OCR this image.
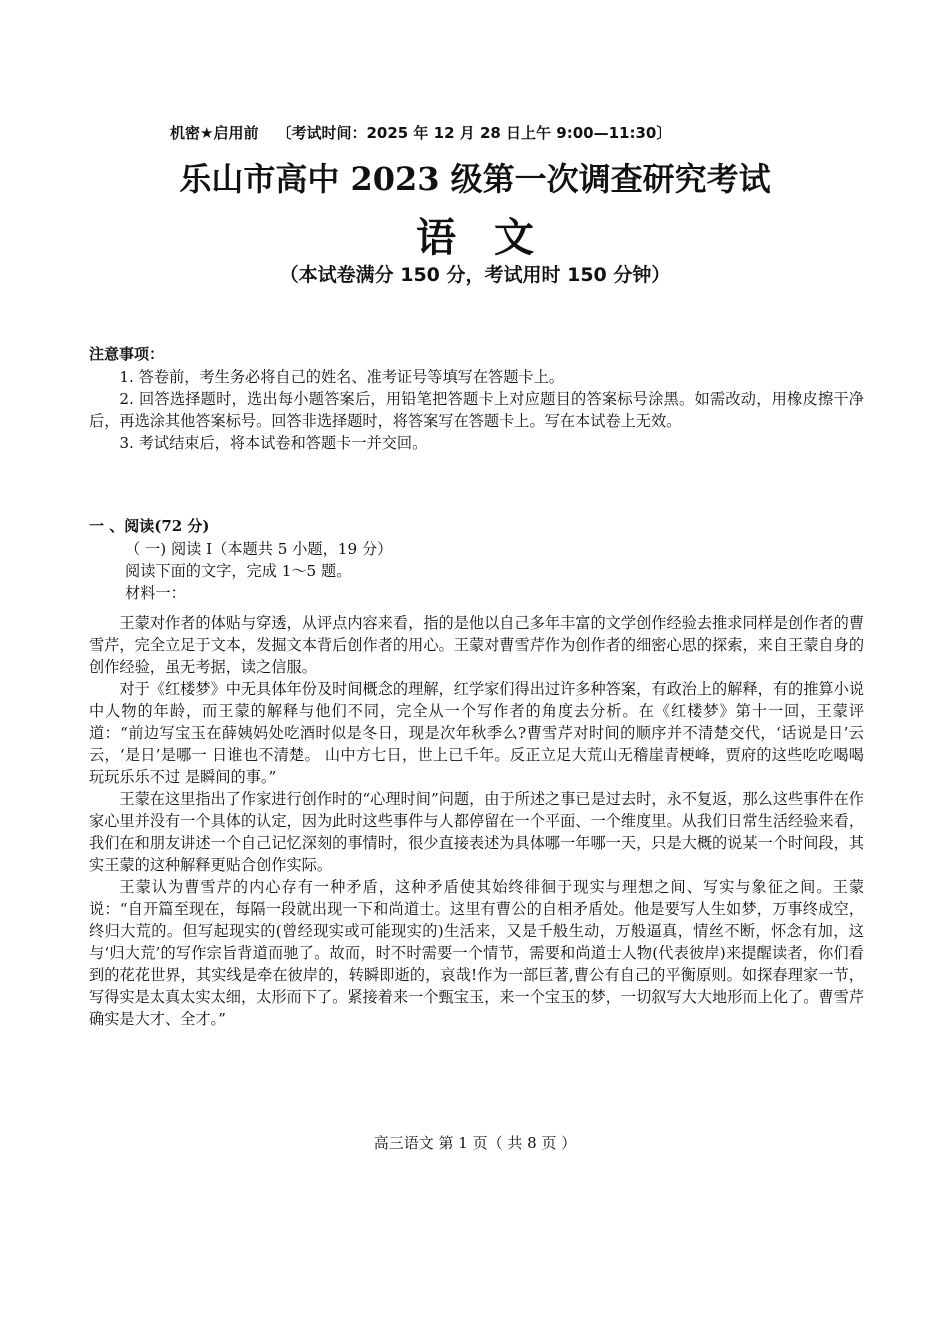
机密★启用前 〔考试时间：2025 年 12 月 28 日上午 9:00—11:30〕
乐山市高中 2023 级第一次调查研究考试
语 文
（本试卷满分 150 分，考试用时 150 分钟）
注意事项：

1. 答卷前，考生务必将自己的姓名、准考证号等填写在答题卡上。

2. 回答选择题时，选出每小题答案后，用铅笔把答题卡上对应题目的答案标号涂黑。如需改动，用橡皮擦干净后，再选涂其他答案标号。回答非选择题时，将答案写在答题卡上。写在本试卷上无效。

3. 考试结束后，将本试卷和答题卡一并交回。

一 、阅读(72 分)

（ 一) 阅读 I（本题共 5 小题，19 分）

阅读下面的文字，完成 1～5 题。

材料一：

王蒙对作者的体贴与穿透，从评点内容来看，指的是他以自己多年丰富的文学创作经验去推求同样是创作者的曹雪芹，完全立足于文本，发掘文本背后创作者的用心。王蒙对曹雪芹作为创作者的细密心思的探索，来自王蒙自身的创作经验，虽无考据，读之信服。

对于《红楼梦》中无具体年份及时间概念的理解，红学家们得出过许多种答案，有政治上的解释，有的推算小说中人物的年龄，而王蒙的解释与他们不同，完全从一个写作者的角度去分析。在《红楼梦》第十一回，王蒙评道：“前边写宝玉在薛姨妈处吃酒时似是冬日，现是次年秋季么?曹雪芹对时间的顺序并不清楚交代，‘话说是日’云云，‘是日’是哪一 日谁也不清楚。 山中方七日，世上已千年。反正立足大荒山无稽崖青梗峰，贾府的这些吃吃喝喝玩玩乐乐不过 是瞬间的事。”

王蒙在这里指出了作家进行创作时的“心理时间”问题，由于所述之事已是过去时，永不复返，那么这些事件在作家心里并没有一个具体的认定，因为此时这些事件与人都停留在一个平面、一个维度里。从我们日常生活经验来看，我们在和朋友讲述一个自己记忆深刻的事情时，很少直接表述为具体哪一年哪一天，只是大概的说某一个时间段，其实王蒙的这种解释更贴合创作实际。

王蒙认为曹雪芹的内心存有一种矛盾，这种矛盾使其始终徘徊于现实与理想之间、写实与象征之间。王蒙说：“自开篇至现在，每隔一段就出现一下和尚道士。这里有曹公的自相矛盾处。他是要写人生如梦，万事终成空，终归大荒的。但写起现实的(曾经现实或可能现实的)生活来，又是千般生动，万般逼真，情丝不断，怀念有加，这与‘归大荒’的写作宗旨背道而驰了。故而，时不时需要一个情节，需要和尚道士人物(代表彼岸)来提醒读者，你们看到的花花世界，其实线是牵在彼岸的，转瞬即逝的，哀哉!作为一部巨著,曹公有自己的平衡原则。如探春理家一节，写得实是太真太实太细，太形而下了。紧接着来一个甄宝玉，来一个宝玉的梦，一切叙写大大地形而上化了。曹雪芹确实是大才、全才。”

高三语文 第 1 页（ 共 8 页 ）
